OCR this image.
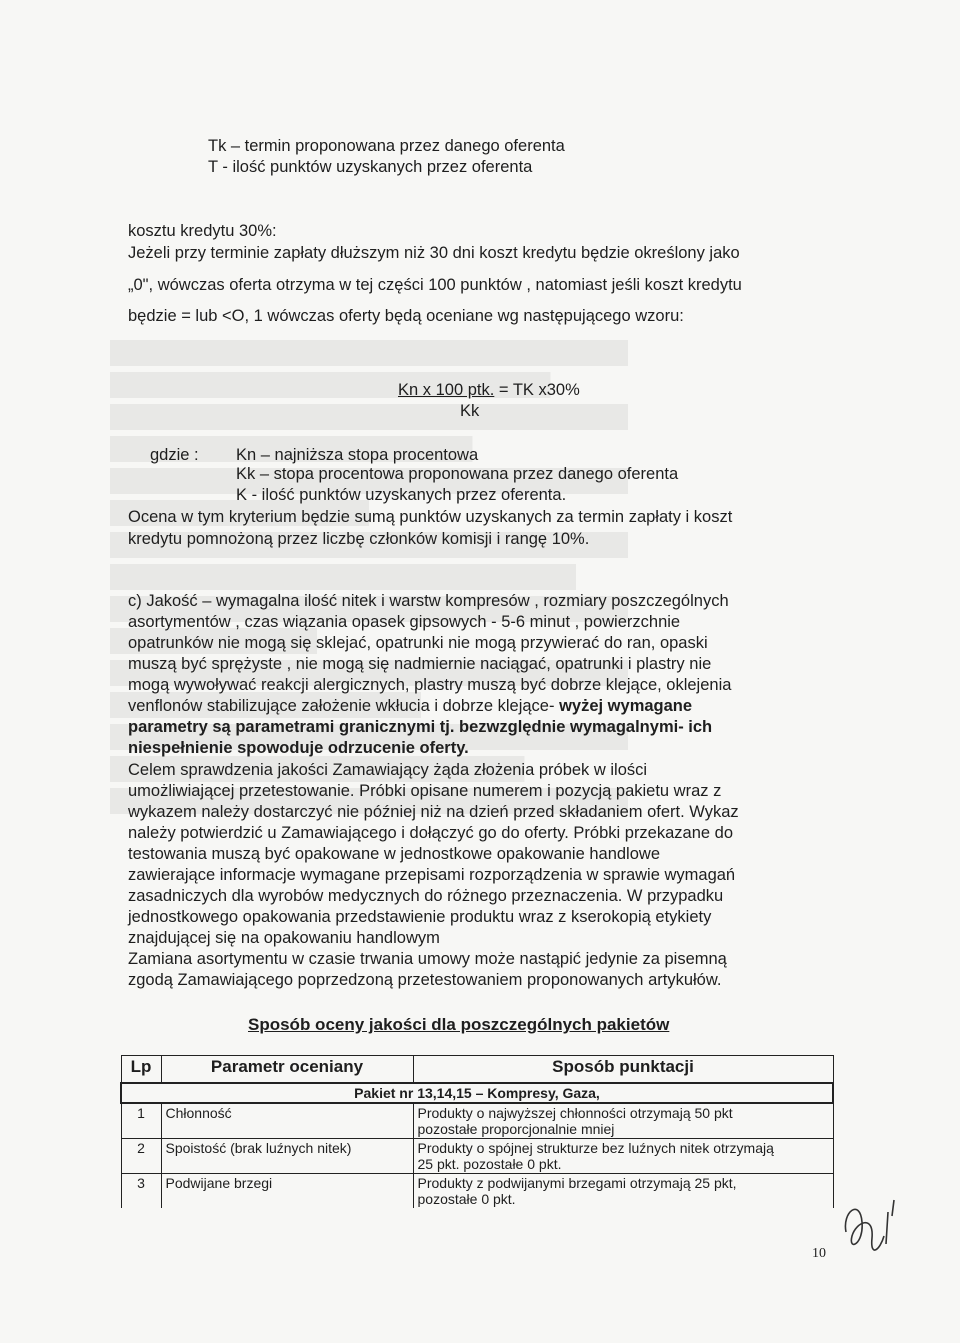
Tk – termin proponowana przez danego oferenta
T - ilość punktów uzyskanych przez oferenta
kosztu kredytu 30%:
Jeżeli przy terminie zapłaty dłuższym niż 30 dni koszt kredytu będzie określony jako
„0", wówczas oferta otrzyma w tej części 100 punktów , natomiast jeśli koszt kredytu
będzie = lub <O, 1 wówczas oferty będą oceniane wg następującego wzoru:
Kn x 100 ptk. = TK x30%
Kk
gdzie : Kn – najniższa stopa procentowa
Kk – stopa procentowa proponowana przez danego oferenta
K - ilość punktów uzyskanych przez oferenta.
Ocena w tym kryterium będzie sumą punktów uzyskanych za termin zapłaty i koszt
kredytu pomnożoną przez liczbę członków komisji i rangę 10%.
c) Jakość – wymagalna ilość nitek i warstw kompresów , rozmiary poszczególnych
asortymentów , czas wiązania opasek gipsowych - 5-6 minut , powierzchnie
opatrunków nie mogą się sklejać, opatrunki nie mogą przywierać do ran, opaski
muszą być sprężyste , nie mogą się nadmiernie naciągać, opatrunki i plastry nie
mogą wywoływać reakcji alergicznych, plastry muszą być dobrze klejące, oklejenia
venflonów stabilizujące założenie wkłucia i dobrze klejące- wyżej wymagane
parametry są parametrami granicznymi tj. bezwzględnie wymagalnymi- ich
niespełnienie spowoduje odrzucenie oferty.
Celem sprawdzenia jakości Zamawiający żąda złożenia próbek w ilości
umożliwiającej przetestowanie. Próbki opisane numerem i pozycją pakietu wraz z
wykazem należy dostarczyć nie później niż na dzień przed składaniem ofert. Wykaz
należy potwierdzić u Zamawiającego i dołączyć go do oferty. Próbki przekazane do
testowania muszą być opakowane w jednostkowe opakowanie handlowe
zawierające informacje wymagane przepisami rozporządzenia w sprawie wymagań
zasadniczych dla wyrobów medycznych do różnego przeznaczenia. W przypadku
jednostkowego opakowania przedstawienie produktu wraz z kserokopią etykiety
znajdującej się na opakowaniu handlowym
Zamiana asortymentu w czasie trwania umowy może nastąpić jedynie za pisemną
zgodą Zamawiającego poprzedzoną przetestowaniem proponowanych artykułów.
Sposób oceny jakości dla poszczególnych pakietów
Lp	Parametr oceniany	Sposób punktacji
Pakiet nr 13,14,15 – Kompresy, Gaza,		
1	Chłonność	Produkty o najwyższej chłonności otrzymają 50 pkt
pozostałe proporcjonalnie mniej

2	Spoistość (brak luźnych nitek)	Produkty o spójnej strukturze bez luźnych nitek otrzymają
25 pkt. pozostałe 0 pkt.

3	Podwijane brzegi	Produkty z podwijanymi brzegami otrzymają 25 pkt,
pozostałe 0 pkt.
10
